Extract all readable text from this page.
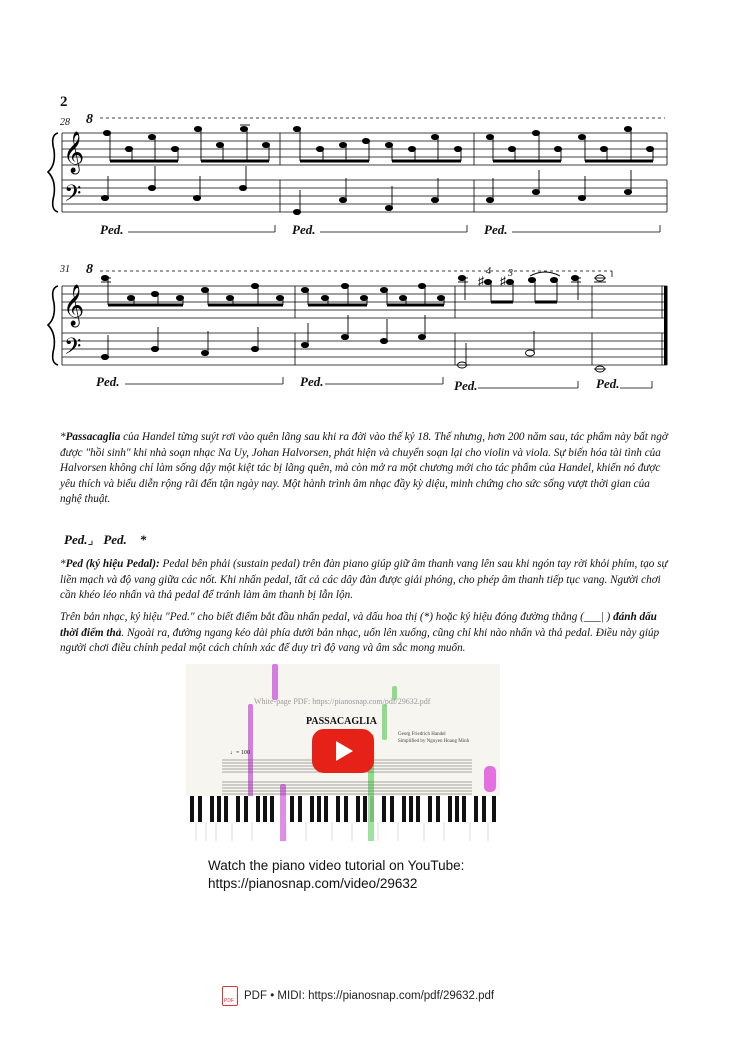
2
𝄞
𝄢
𝄞
𝄢
♯ ♯
28 8
Ped.	Ped.	Ped.
31 8	4 3
Ped.	Ped.	Ped.	Ped.
*Passacaglia của Handel từng suýt rơi vào quên lãng sau khi ra đời vào thế kỷ 18. Thế nhưng, hơn 200 năm sau, tác phẩm này bất ngờ được "hồi sinh" khi nhà soạn nhạc Na Uy, Johan Halvorsen, phát hiện và chuyển soạn lại cho violin và viola. Sự biến hóa tài tình của Halvorsen không chỉ làm sống dậy một kiệt tác bị lãng quên, mà còn mở ra một chương mới cho tác phẩm của Handel, khiến nó được yêu thích và biểu diễn rộng rãi đến tận ngày nay. Một hành trình âm nhạc đầy kỳ diệu, minh chứng cho sức sống vượt thời gian của nghệ thuật.
Ped.⌟ Ped. *
*Ped (ký hiệu Pedal): Pedal bên phải (sustain pedal) trên đàn piano giúp giữ âm thanh vang lên sau khi ngón tay rời khỏi phím, tạo sự liền mạch và độ vang giữa các nốt. Khi nhấn pedal, tất cả các dây đàn được giải phóng, cho phép âm thanh tiếp tục vang. Người chơi cần khéo léo nhấn và thả pedal để tránh làm âm thanh bị lẫn lộn.
Trên bản nhạc, ký hiệu "Ped." cho biết điểm bắt đầu nhấn pedal, và dấu hoa thị (*) hoặc ký hiệu đóng đường thẳng (___| ) đánh dấu thời điểm thả. Ngoài ra, đường ngang kéo dài phía dưới bản nhạc, uốn lên xuống, cũng chỉ khi nào nhấn và thả pedal. Điều này giúp người chơi điều chỉnh pedal một cách chính xác để duy trì độ vang và âm sắc mong muốn.
White-page PDF: https://pianosnap.com/pdf/29632.pdf
PASSACAGLIA
Georg Friedrich Handel
Simplified by Nguyen Hoang Minh
♩= 100
Watch the piano video tutorial on YouTube:
https://pianosnap.com/video/29632
PDF PDF • MIDI: https://pianosnap.com/pdf/29632.pdf
